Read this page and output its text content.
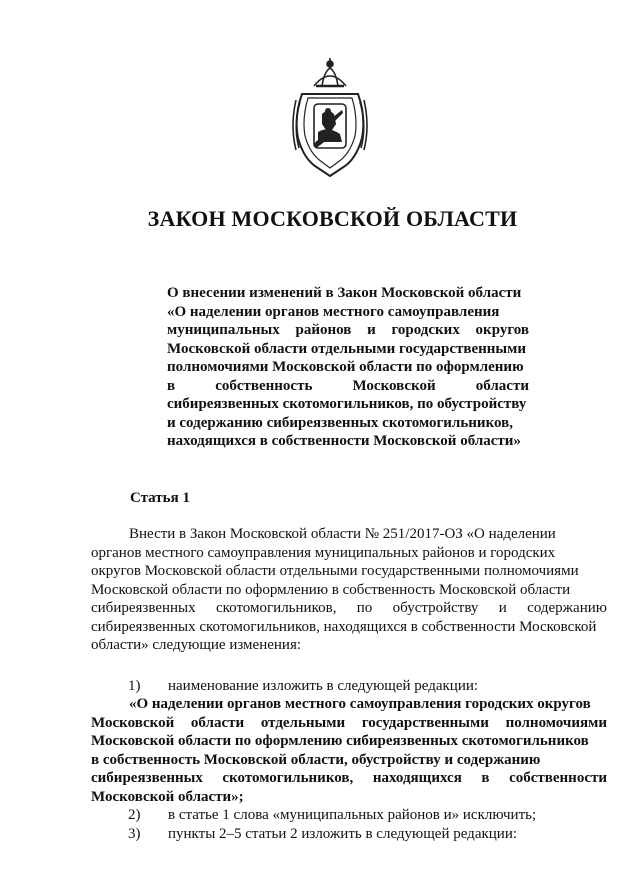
ЗАКОН МОСКОВСКОЙ ОБЛАСТИ
О внесении изменений в Закон Московской области
«О наделении органов местного самоуправления
муниципальных районов и городских округов
Московской области отдельными государственными
полномочиями Московской области по оформлению
в	собственность	Московской	области
сибиреязвенных скотомогильников, по обустройству
и содержанию сибиреязвенных скотомогильников,
находящихся в собственности Московской области»
Статья 1
Внести в Закон Московской области № 251/2017-ОЗ «О наделении
органов местного самоуправления муниципальных районов и городских
округов Московской области отдельными государственными полномочиями
Московской области по оформлению в собственность Московской области
сибиреязвенных скотомогильников, по обустройству и содержанию
сибиреязвенных скотомогильников, находящихся в собственности Московской
области» следующие изменения:
1)	наименование изложить в следующей редакции:
«О наделении органов местного самоуправления городских округов
Московской области отдельными государственными полномочиями
Московской области по оформлению сибиреязвенных скотомогильников
в собственность Московской области, обустройству и содержанию
сибиреязвенных скотомогильников, находящихся в собственности
Московской области»;
2)	в статье 1 слова «муниципальных районов и» исключить;
3)	пункты 2–5 статьи 2 изложить в следующей редакции:
